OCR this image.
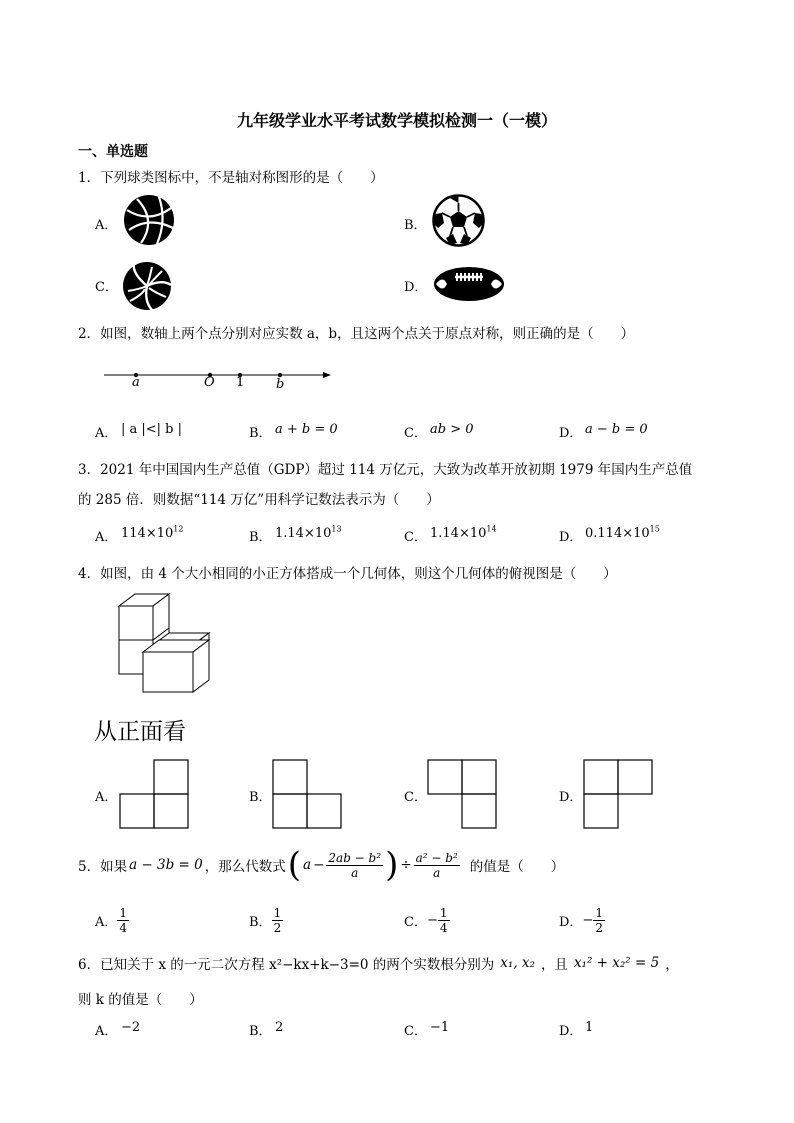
九年级学业水平考试数学模拟检测一（一模）
一、单选题
1．下列球类图标中，不是轴对称图形的是（　　）
A．	B．
C．	D．
2．如图，数轴上两个点分别对应实数 a，b，且这两个点关于原点对称，则正确的是（　　）
a	O 1 b
A． | a |<| b |	B． a + b = 0	C． ab > 0	D． a − b = 0
3．2021 年中国国内生产总值（GDP）超过 114 万亿元，大致为改革开放初期 1979 年国内生产总值
的 285 倍．则数据“114 万亿”用科学记数法表示为（　　）
A． $114\times 10^{12}$
B． $1.14\times 10^{13}$
C． $1.14\times 10^{14}$
D． $0.114\times 10^{15}$
4．如图，由 4 个大小相同的小正方体搭成一个几何体，则这个几何体的俯视图是（　　）
从正面看
A．	B．	C．	D．
5．如果 a − 3b = 0 ，那么代数式 ( $a - \frac{\text{2ab − b²}}{a}$ ) ÷ $\frac{\text{a² − b²}}{a}$ 的值是（　　）
A． $\frac{1}{4}$	B． $\frac{1}{2}$	C． − $\frac{1}{4}$	D． − $\frac{1}{2}$
6．已知关于 x 的一元二次方程 x²−kx+k−3=0 的两个实数根分别为 x₁, x₂ ，且 x₁² + x₂² = 5 ，
则 k 的值是（　　）
A． −2	B． 2	C． −1	D． 1
